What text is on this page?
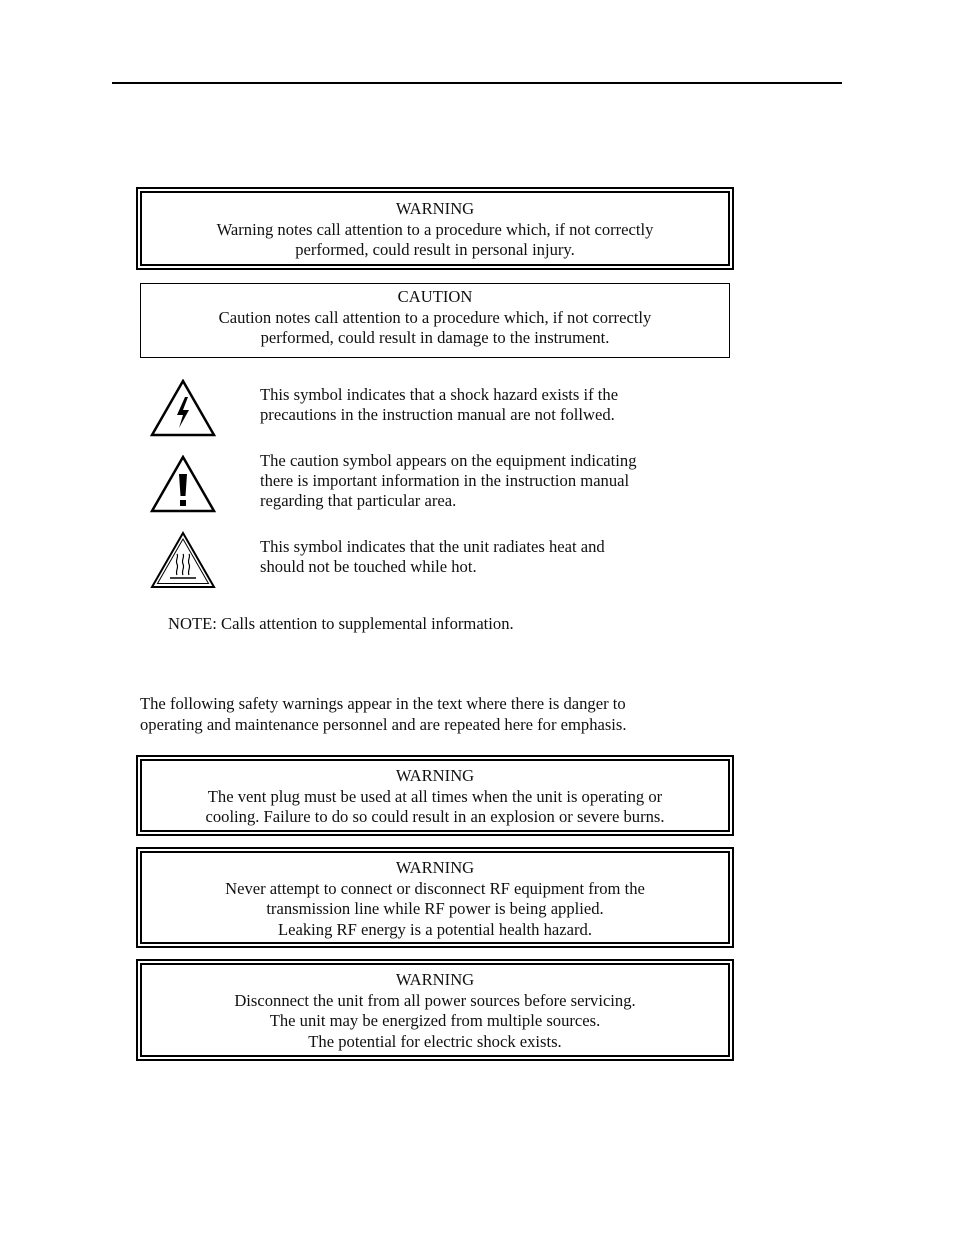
WARNING
Warning notes call attention to a procedure which, if not correctly
performed, could result in personal injury.
CAUTION
Caution notes call attention to a procedure which, if not correctly
performed, could result in damage to the instrument.
This symbol indicates that a shock hazard exists if the
precautions in the instruction manual are not follwed.
The caution symbol appears on the equipment indicating
there is important information in the instruction manual
regarding that particular area.
This symbol indicates that the unit radiates heat and
should not be touched while hot.
NOTE: Calls attention to supplemental information.
The following safety warnings appear in the text where there is danger to
operating and maintenance personnel and are repeated here for emphasis.
WARNING
The vent plug must be used at all times when the unit is operating or
cooling. Failure to do so could result in an explosion or severe burns.
WARNING
Never attempt to connect or disconnect RF equipment from the
transmission line while RF power is being applied.
Leaking RF energy is a potential health hazard.
WARNING
Disconnect the unit from all power sources before servicing.
The unit may be energized from multiple sources.
The potential for electric shock exists.
